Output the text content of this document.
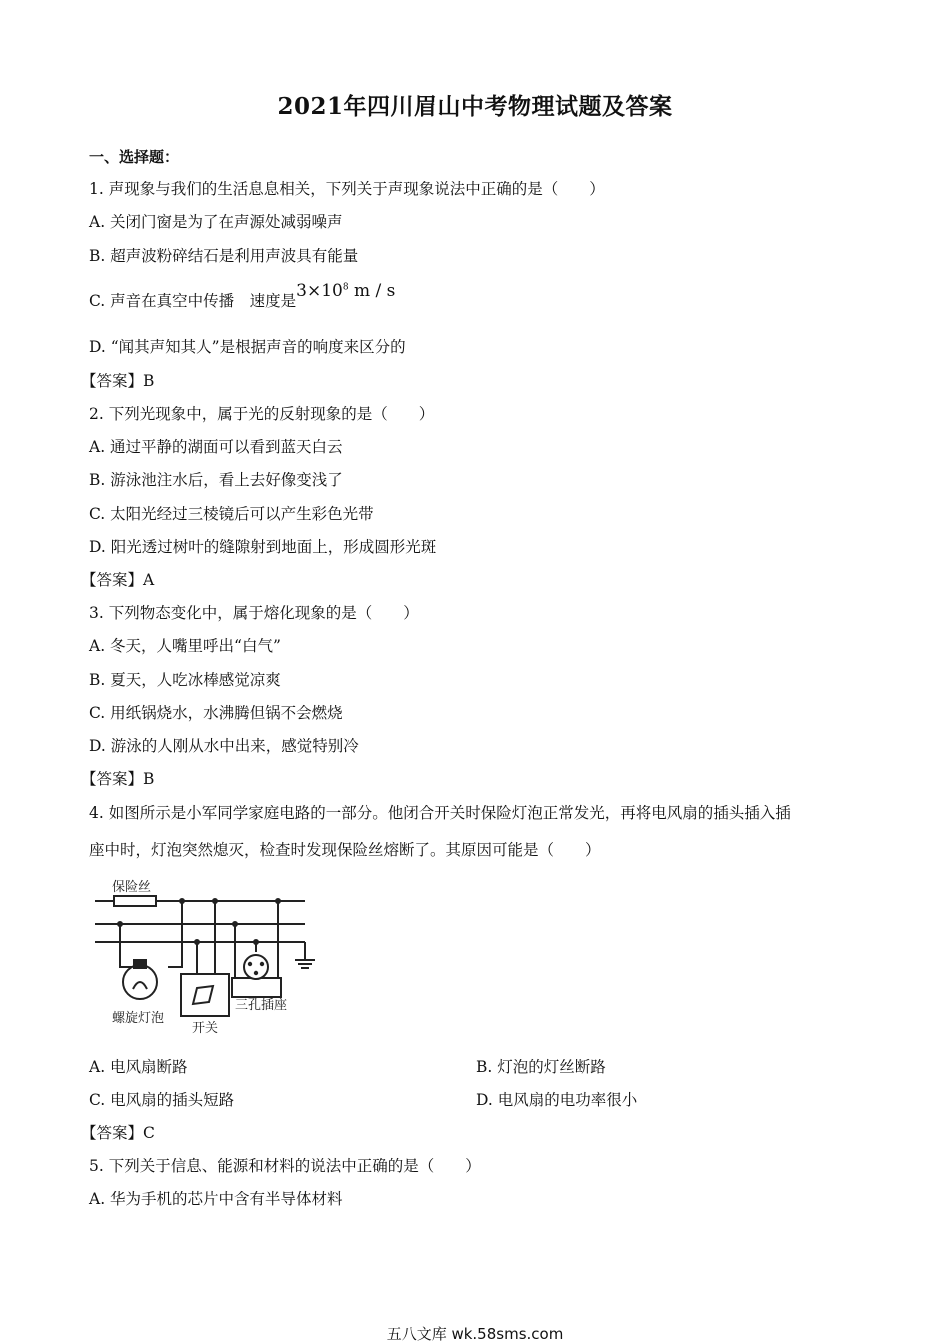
2021年四川眉山中考物理试题及答案
一、选择题：
1. 声现象与我们的生活息息相关，下列关于声现象说法中正确的是（　　）
A. 关闭门窗是为了在声源处减弱噪声
B. 超声波粉碎结石是利用声波具有能量
C. 声音在真空中传播　速度是$3\times 10^8$ m / s
D. “闻其声知其人”是根据声音的响度来区分的
【答案】B
2. 下列光现象中，属于光的反射现象的是（　　）
A. 通过平静的湖面可以看到蓝天白云
B. 游泳池注水后，看上去好像变浅了
C. 太阳光经过三棱镜后可以产生彩色光带
D. 阳光透过树叶的缝隙射到地面上，形成圆形光斑
【答案】A
3. 下列物态变化中，属于熔化现象的是（　　）
A. 冬天，人嘴里呼出“白气”
B. 夏天，人吃冰棒感觉凉爽
C. 用纸锅烧水，水沸腾但锅不会燃烧
D. 游泳的人刚从水中出来，感觉特别冷
【答案】B
4. 如图所示是小军同学家庭电路的一部分。他闭合开关时保险灯泡正常发光，再将电风扇的插头插入插
座中时，灯泡突然熄灭，检查时发现保险丝熔断了。其原因可能是（　　）
保险丝
螺旋灯泡
开关
三孔插座
A. 电风扇断路	B. 灯泡的灯丝断路
C. 电风扇的插头短路	D. 电风扇的电功率很小
【答案】C
5. 下列关于信息、能源和材料的说法中正确的是（　　）
A. 华为手机的芯片中含有半导体材料
五八文库 wk.58sms.com
